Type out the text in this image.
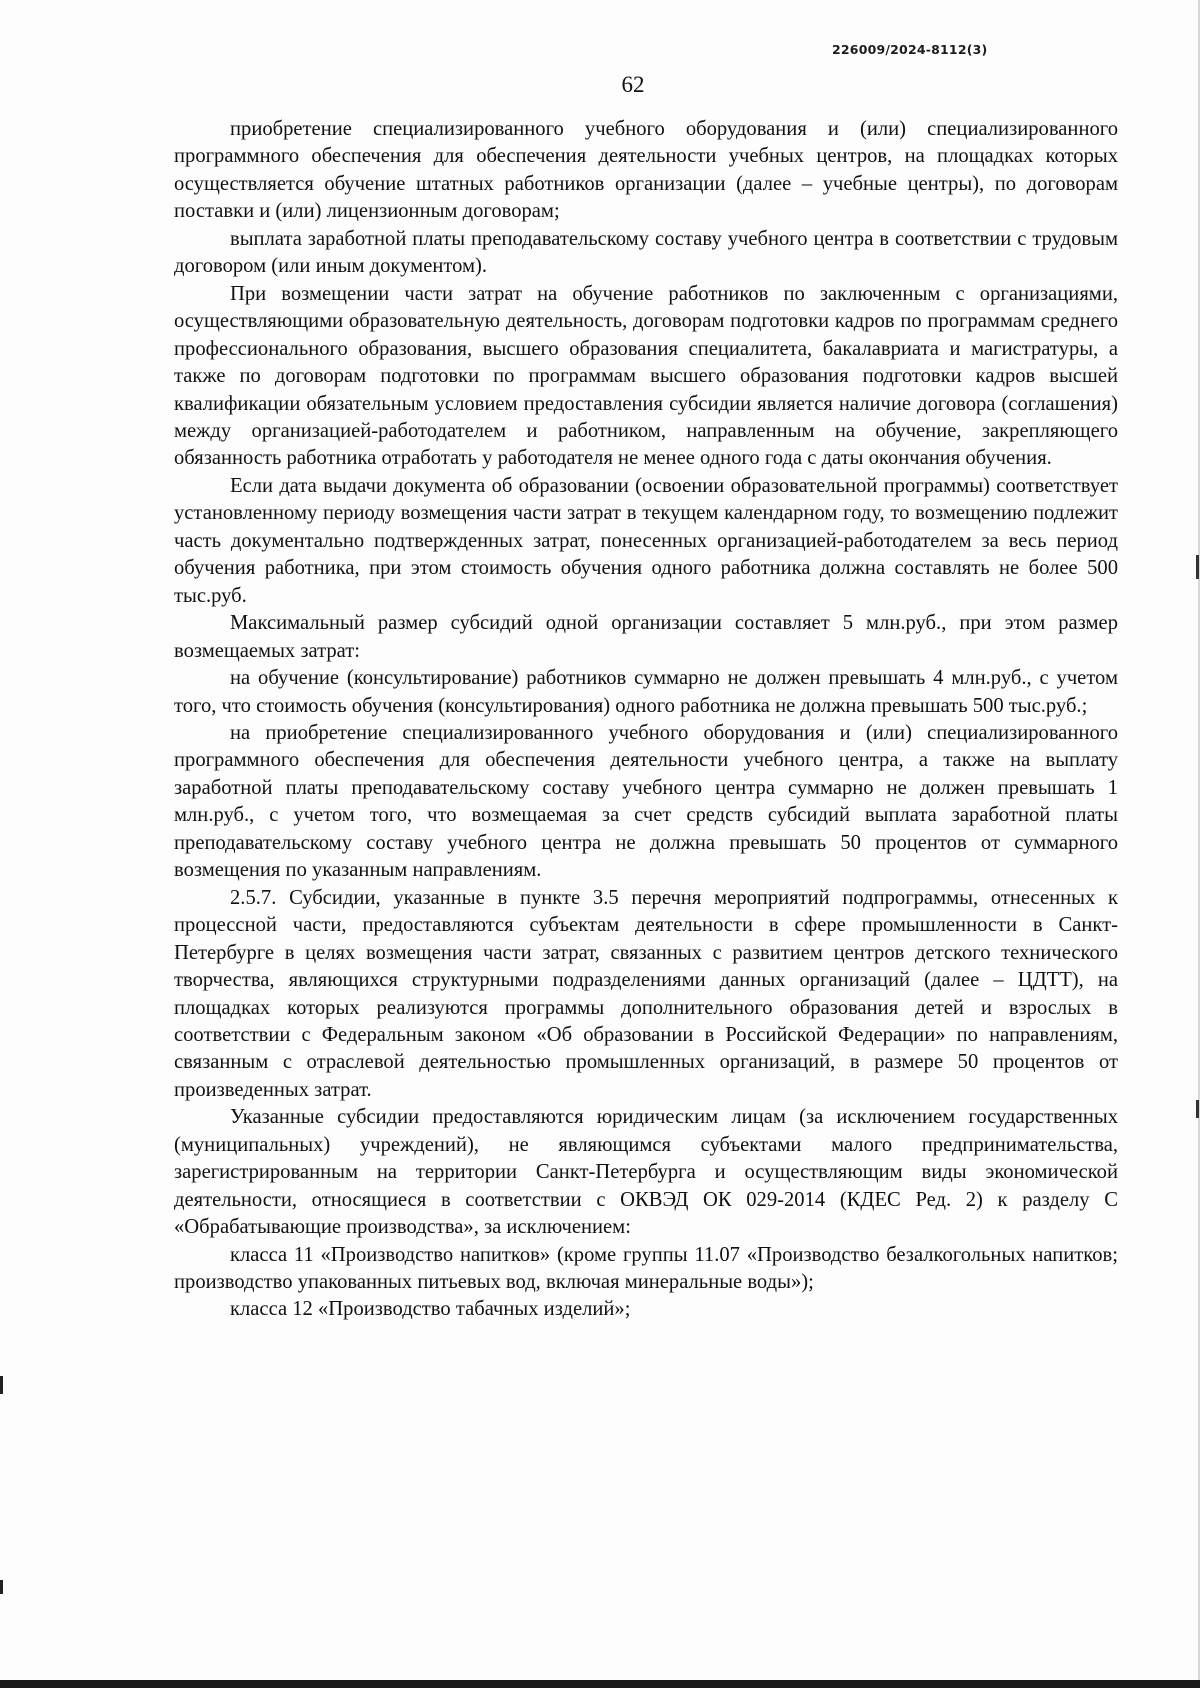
226009/2024-8112(3)
62

приобретение специализированного учебного оборудования и (или) специализированного программного обеспечения для обеспечения деятельности учебных центров, на площадках которых осуществляется обучение штатных работников организации (далее – учебные центры), по договорам поставки и (или) лицензионным договорам;

выплата заработной платы преподавательскому составу учебного центра в соответствии с трудовым договором (или иным документом).

При возмещении части затрат на обучение работников по заключенным с организациями, осуществляющими образовательную деятельность, договорам подготовки кадров по программам среднего профессионального образования, высшего образования специалитета, бакалавриата и магистратуры, а также по договорам подготовки по программам высшего образования подготовки кадров высшей квалификации обязательным условием предоставления субсидии является наличие договора (соглашения) между организацией-работодателем и работником, направленным на обучение, закрепляющего обязанность работника отработать у работодателя не менее одного года с даты окончания обучения.

Если дата выдачи документа об образовании (освоении образовательной программы) соответствует установленному периоду возмещения части затрат в текущем календарном году, то возмещению подлежит часть документально подтвержденных затрат, понесенных организацией-работодателем за весь период обучения работника, при этом стоимость обучения одного работника должна составлять не более 500 тыс.руб.

Максимальный размер субсидий одной организации составляет 5 млн.руб., при этом размер возмещаемых затрат:

на обучение (консультирование) работников суммарно не должен превышать 4 млн.руб., с учетом того, что стоимость обучения (консультирования) одного работника не должна превышать 500 тыс.руб.;

на приобретение специализированного учебного оборудования и (или) специализированного программного обеспечения для обеспечения деятельности учебного центра, а также на выплату заработной платы преподавательскому составу учебного центра суммарно не должен превышать 1 млн.руб., с учетом того, что возмещаемая за счет средств субсидий выплата заработной платы преподавательскому составу учебного центра не должна превышать 50 процентов от суммарного возмещения по указанным направлениям.

2.5.7. Субсидии, указанные в пункте 3.5 перечня мероприятий подпрограммы, отнесенных к процессной части, предоставляются субъектам деятельности в сфере промышленности в Санкт-Петербурге в целях возмещения части затрат, связанных с развитием центров детского технического творчества, являющихся структурными подразделениями данных организаций (далее – ЦДТТ), на площадках которых реализуются программы дополнительного образования детей и взрослых в соответствии с Федеральным законом «Об образовании в Российской Федерации» по направлениям, связанным с отраслевой деятельностью промышленных организаций, в размере 50 процентов от произведенных затрат.

Указанные субсидии предоставляются юридическим лицам (за исключением государственных (муниципальных) учреждений), не являющимся субъектами малого предпринимательства, зарегистрированным на территории Санкт-Петербурга и осуществляющим виды экономической деятельности, относящиеся в соответствии с ОКВЭД ОК 029-2014 (КДЕС Ред. 2) к разделу С «Обрабатывающие производства», за исключением:

класса 11 «Производство напитков» (кроме группы 11.07 «Производство безалкогольных напитков; производство упакованных питьевых вод, включая минеральные воды»);

класса 12 «Производство табачных изделий»;
